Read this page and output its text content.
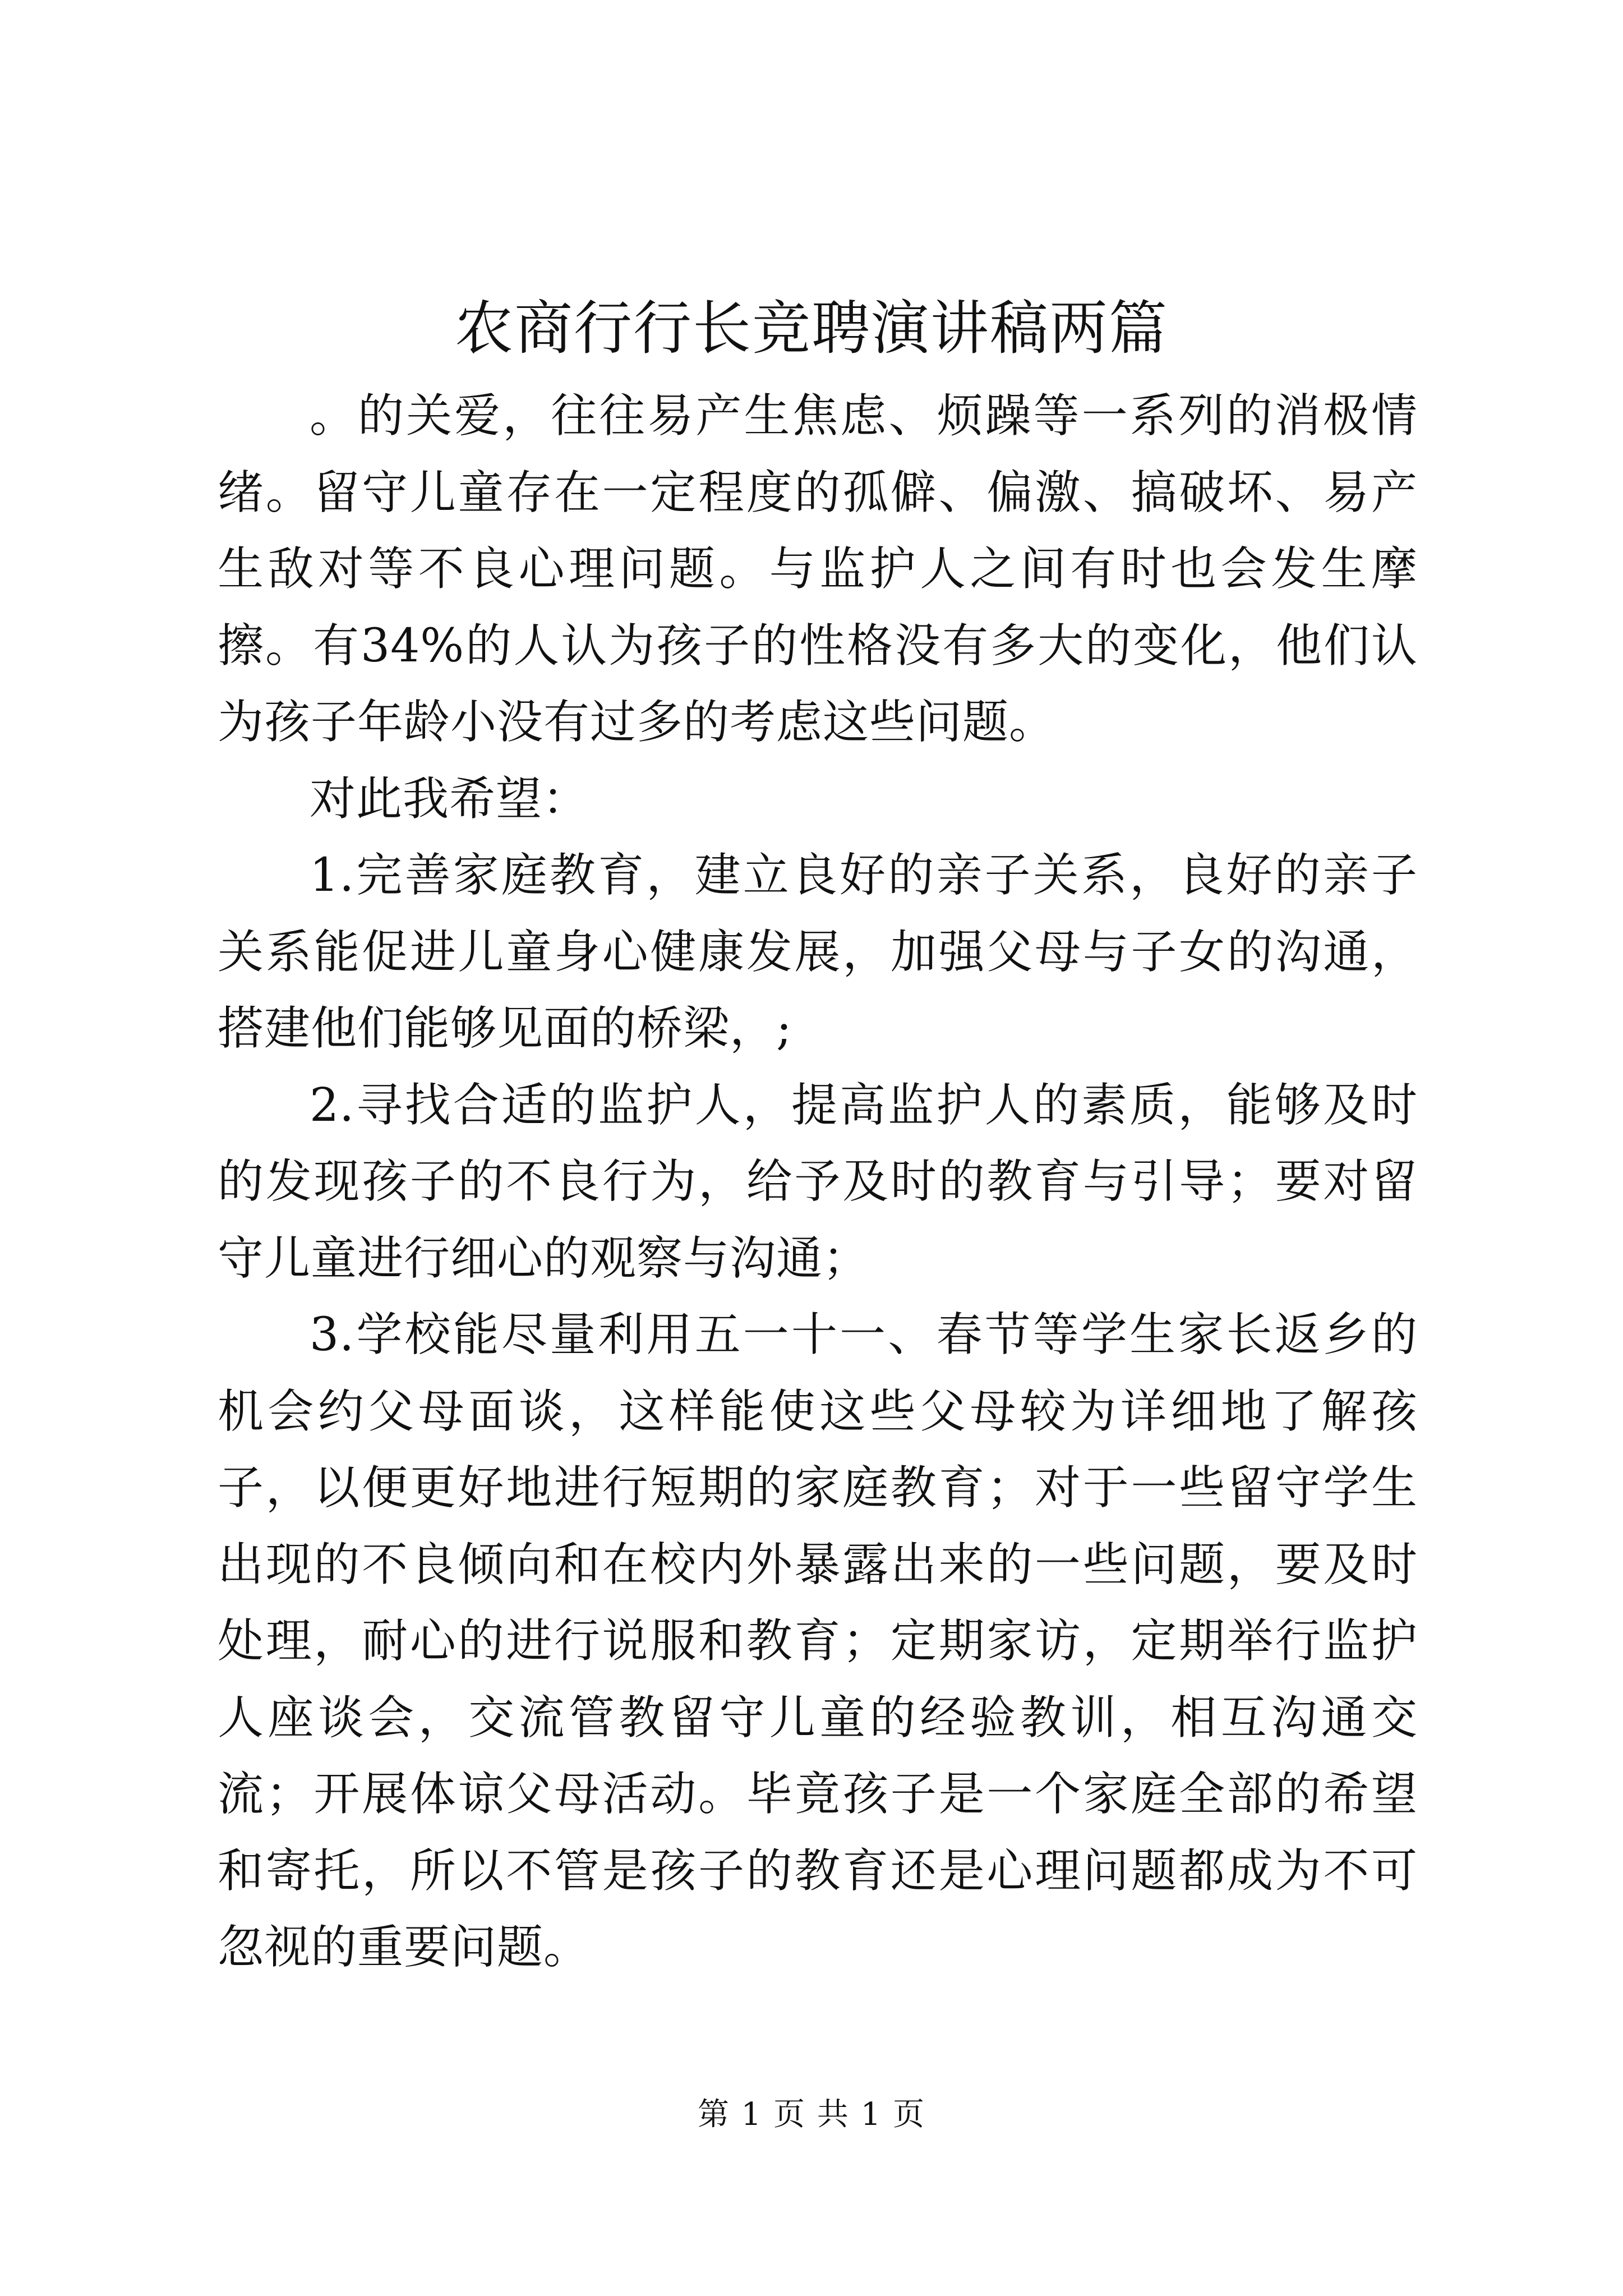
农商行行长竞聘演讲稿两篇

。的关爱，往往易产生焦虑、烦躁等一系列的消极情绪。留守儿童存在一定程度的孤僻、偏激、搞破坏、易产生敌对等不良心理问题。与监护人之间有时也会发生摩擦。有34%的人认为孩子的性格没有多大的变化，他们认为孩子年龄小没有过多的考虑这些问题。

对此我希望：

1.完善家庭教育，建立良好的亲子关系，良好的亲子关系能促进儿童身心健康发展，加强父母与子女的沟通，搭建他们能够见面的桥梁，;

2.寻找合适的监护人，提高监护人的素质，能够及时的发现孩子的不良行为，给予及时的教育与引导；要对留守儿童进行细心的观察与沟通；

3.学校能尽量利用五一十一、春节等学生家长返乡的机会约父母面谈，这样能使这些父母较为详细地了解孩子，以便更好地进行短期的家庭教育；对于一些留守学生出现的不良倾向和在校内外暴露出来的一些问题，要及时处理，耐心的进行说服和教育；定期家访，定期举行监护人座谈会，交流管教留守儿童的经验教训，相互沟通交流；开展体谅父母活动。毕竟孩子是一个家庭全部的希望和寄托，所以不管是孩子的教育还是心理问题都成为不可忽视的重要问题。

第 1 页 共 1 页
